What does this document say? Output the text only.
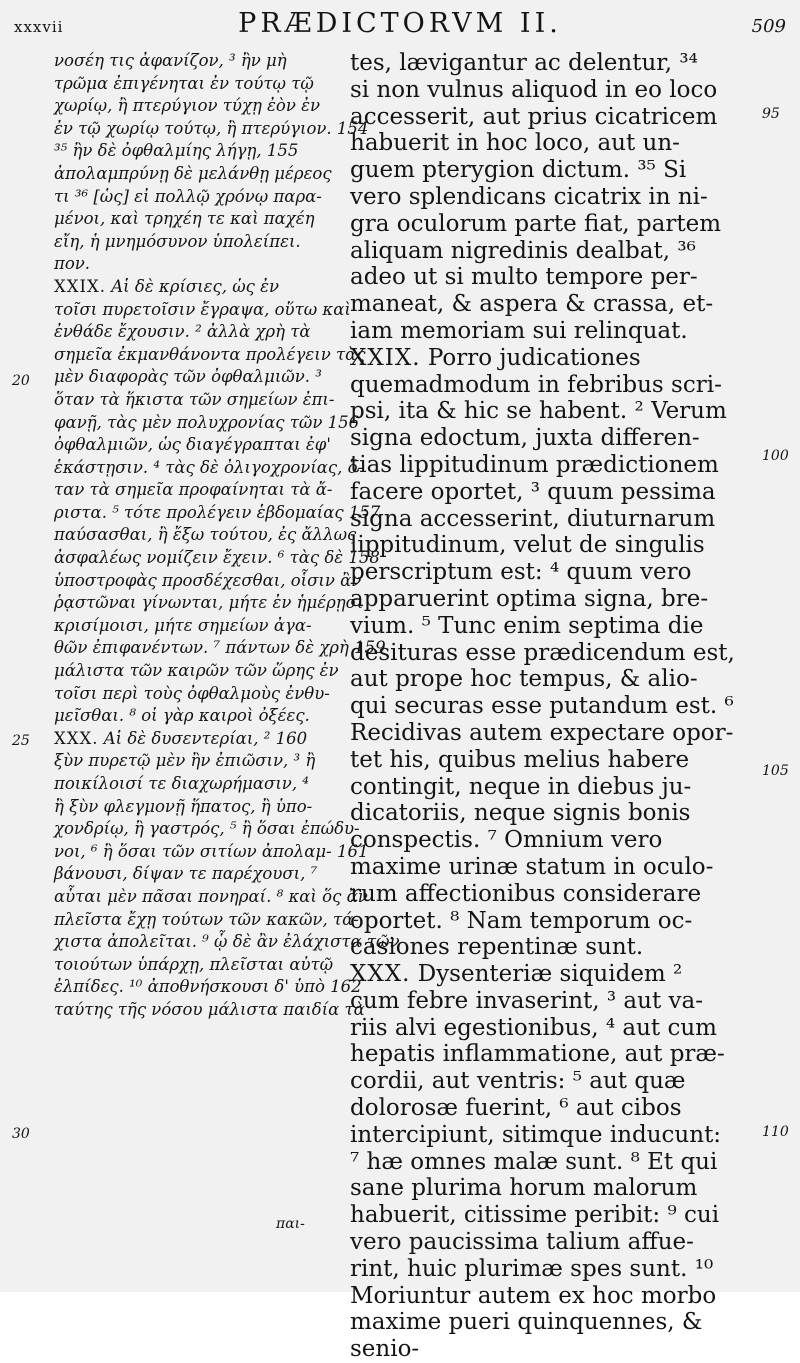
xxxvii	PRÆDICTORVM II.	509
νοσέη τις ἀφανίζον, ³ ἢν μὴ
τρῶμα ἐπιγένηται ἐν τούτῳ τῷ
χωρίῳ, ἢ πτερύγιον τύχῃ ἐὸν ἐν
ἐν τῷ χωρίῳ τούτῳ, ἢ πτερύγιον. 154
³⁵ ἢν δὲ ὀφθαλμίης λήγῃ, 155
ἀπολαμπρύνῃ δὲ μελάνθῃ μέρεος
τι ³⁶ [ὡς] εἰ πολλῷ χρόνῳ παρα-
μένοι, καὶ τρηχέη τε καὶ παχέη
εἴη, ἡ μνημόσυνον ὑπολείπει.
πον.
XXIX. Αἱ δὲ κρίσιες, ὡς ἐν
τοῖσι πυρετοῖσιν ἔγραψα, οὕτω καὶ
ἐνθάδε ἔχουσιν. ² ἀλλὰ χρὴ τὰ
σημεῖα ἐκμανθάνοντα προλέγειν τὰς
μὲν διαφορὰς τῶν ὀφθαλμιῶν. ³
ὅταν τὰ ἥκιστα τῶν σημείων ἐπι-
φανῇ, τὰς μὲν πολυχρονίας τῶν 156
ὀφθαλμιῶν, ὡς διαγέγραπται ἐφ'
ἑκάστῃσιν. ⁴ τὰς δὲ ὀλιγοχρονίας, ὅ-
ταν τὰ σημεῖα προφαίνηται τὰ ἄ-
ριστα. ⁵ τότε προλέγειν ἑβδομαίας 157
παύσασθαι, ἢ ἔξω τούτου, ἐς ἄλλως
ἀσφαλέως νομίζειν ἔχειν. ⁶ τὰς δὲ 158
ὑποστροφὰς προσδέχεσθαι, οἷσιν ἂν
ῥᾳστῶναι γίνωνται, μήτε ἐν ἡμέρῃσι
κρισίμοισι, μήτε σημείων ἀγα-
θῶν ἐπιφανέντων. ⁷ πάντων δὲ χρὴ 159
μάλιστα τῶν καιρῶν τῶν ὥρης ἐν
τοῖσι περὶ τοὺς ὀφθαλμοὺς ἐνθυ-
μεῖσθαι. ⁸ οἱ γὰρ καιροὶ ὀξέες.
XXX. Αἱ δὲ δυσεντερίαι, ² 160
ξὺν πυρετῷ μὲν ἢν ἐπιῶσιν, ³ ἢ
ποικίλοισί τε διαχωρήμασιν, ⁴
ἢ ξὺν φλεγμονῇ ἥπατος, ἢ ὑπο-
χονδρίῳ, ἢ γαστρός, ⁵ ἢ ὅσαι ἐπώδυ-
νοι, ⁶ ἢ ὅσαι τῶν σιτίων ἀπολαμ- 161
βάνουσι, δίψαν τε παρέχουσι, ⁷
αὗται μὲν πᾶσαι πονηραί. ⁸ καὶ ὅς ἂν
πλεῖστα ἔχῃ τούτων τῶν κακῶν, τά-
χιστα ἀπολεῖται. ⁹ ᾧ δὲ ἂν ἐλάχιστα τῶν
τοιούτων ὑπάρχῃ, πλεῖσται αὐτῷ
ἐλπίδες. ¹⁰ ἀποθνήσκουσι δ' ὑπὸ 162
ταύτης τῆς νόσου μάλιστα παιδία τὰ
tes, lævigantur ac delentur, ³⁴
si non vulnus aliquod in eo loco
accesserit, aut prius cicatricem
habuerit in hoc loco, aut un-
guem pterygion dictum. ³⁵ Si
vero splendicans cicatrix in ni-
gra oculorum parte fiat, partem
aliquam nigredinis dealbat, ³⁶
adeo ut si multo tempore per-
maneat, & aspera & crassa, et-
iam memoriam sui relinquat.
XXIX. Porro judicationes
quemadmodum in febribus scri-
psi, ita & hic se habent. ² Verum
signa edoctum, juxta differen-
tias lippitudinum prædictionem
facere oportet, ³ quum pessima
signa accesserint, diuturnarum
lippitudinum, velut de singulis
perscriptum est: ⁴ quum vero
apparuerint optima signa, bre-
vium. ⁵ Tunc enim septima die
desituras esse prædicendum est,
aut prope hoc tempus, & alio-
qui securas esse putandum est. ⁶
Recidivas autem expectare opor-
tet his, quibus melius habere
contingit, neque in diebus ju-
dicatoriis, neque signis bonis
conspectis. ⁷ Omnium vero
maxime urinæ statum in oculo-
rum affectionibus considerare
oportet. ⁸ Nam temporum oc-
casiones repentinæ sunt.
XXX. Dysenteriæ siquidem ²
cum febre invaserint, ³ aut va-
riis alvi egestionibus, ⁴ aut cum
hepatis inflammatione, aut præ-
cordii, aut ventris: ⁵ aut quæ
dolorosæ fuerint, ⁶ aut cibos
intercipiunt, sitimque inducunt:
⁷ hæ omnes malæ sunt. ⁸ Et qui
sane plurima horum malorum
habuerit, citissime peribit: ⁹ cui
vero paucissima talium affue-
rint, huic plurimæ spes sunt. ¹⁰
Moriuntur autem ex hoc morbo
maxime pueri quinquennes, &
senio-
20
25
30
95
100
105
110
παι-
